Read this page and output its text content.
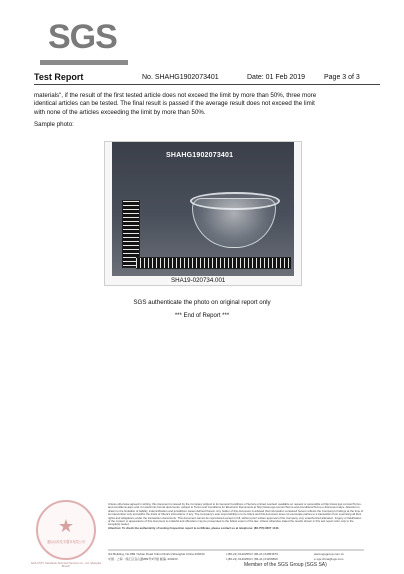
SGS
Test Report	No. SHAHG1902073401	Date: 01 Feb 2019	Page 3 of 3

materials", if the result of the first tested article does not exceed the limit by more than 50%, three more

identical articles can be tested. The final result is passed if the average result does not exceed the limit

with none of the articles exceeding the limit by more than 50%.

Sample photo:
SHAHG1902073401
SHA19-020734.001
SGS authenticate the photo on original report only
*** End of Report ***
★
通标标准技术服务有限公司
SGS-CSTC Standards Technical Services Co., Ltd. Shanghai Branch
Unless otherwise agreed in writing, this document is issued by the Company subject to its General Conditions of Service printed overleaf, available on request or accessible at http://www.sgs.com/en/Terms-and-Conditions.aspx and, for electronic format documents, subject to Terms and Conditions for Electronic Documents at http://www.sgs.com/en/Terms-and-Conditions/Terms-e-Document.aspx. Attention is drawn to the limitation of liability, indemnification and jurisdiction issues defined therein. Any holder of this document is advised that information contained hereon reflects the Company's findings at the time of its intervention only and within the limits of Client's instructions, if any. The Company's sole responsibility is to its Client and this document does not exonerate parties to a transaction from exercising all their rights and obligations under the transaction documents. This document cannot be reproduced except in full, without prior written approval of the Company. Any unauthorized alteration, forgery or falsification of the content or appearance of this document is unlawful and offenders may be prosecuted to the fullest extent of the law. Unless otherwise stated the results shown in this test report refer only to the sample(s) tested.
Attention: To check the authenticity of testing /inspection report & certificate, please contact us at telephone: (86-755) 8307 1443,
3rd Building, No.889 Yishan Road Xuhui District,Shanghai China 200233
中国 · 上海 · 徐汇区宜山路889号3号楼 邮编: 200233
t (86-21) 61402553 f (86-21) 64953679
t (86-21) 61402594 f (86-21) 61156899
www.sgsgroup.com.cn
e sgs.china@sgs.com
Member of the SGS Group (SGS SA)
